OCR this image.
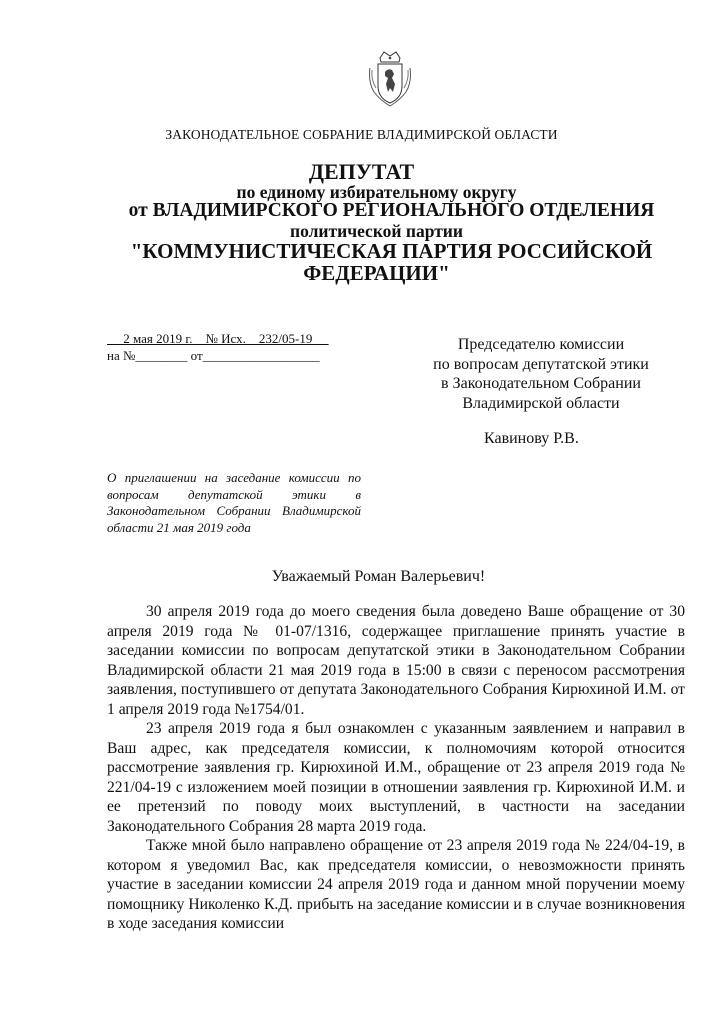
ЗАКОНОДАТЕЛЬНОЕ СОБРАНИЕ ВЛАДИМИРСКОЙ ОБЛАСТИ
ДЕПУТАТ
по единому избирательному округу
от ВЛАДИМИРСКОГО РЕГИОНАЛЬНОГО ОТДЕЛЕНИЯ
политической партии
"КОММУНИСТИЧЕСКАЯ ПАРТИЯ РОССИЙСКОЙ
ФЕДЕРАЦИИ"
2 мая 2019 г.    № Исх.    232/05-19
на №________ от__________________
Председателю комиссии
по вопросам депутатской этики
в Законодательном Собрании
Владимирской области
Кавинову Р.В.
О приглашении на заседание комиссии по вопросам депутатской этики в Законодательном Собрании Владимирской области 21 мая 2019 года
Уважаемый Роман Валерьевич!

30 апреля 2019 года до моего сведения была доведено Ваше обращение от 30 апреля 2019 года № 01-07/1316, содержащее приглашение принять участие в заседании комиссии по вопросам депутатской этики в Законодательном Собрании Владимирской области 21 мая 2019 года в 15:00 в связи с переносом рассмотрения заявления, поступившего от депутата Законодательного Собрания Кирюхиной И.М. от 1 апреля 2019 года №1754/01.

23 апреля 2019 года я был ознакомлен с указанным заявлением и направил в Ваш адрес, как председателя комиссии, к полномочиям которой относится рассмотрение заявления гр. Кирюхиной И.М., обращение от 23 апреля 2019 года № 221/04-19 с изложением моей позиции в отношении заявления гр. Кирюхиной И.М. и ее претензий по поводу моих выступлений, в частности на заседании Законодательного Собрания 28 марта 2019 года.

Также мной было направлено обращение от 23 апреля 2019 года № 224/04-19, в котором я уведомил Вас, как председателя комиссии, о невозможности принять участие в заседании комиссии 24 апреля 2019 года и данном мной поручении моему помощнику Николенко К.Д. прибыть на заседание комиссии и в случае возникновения в ходе заседания комиссии
